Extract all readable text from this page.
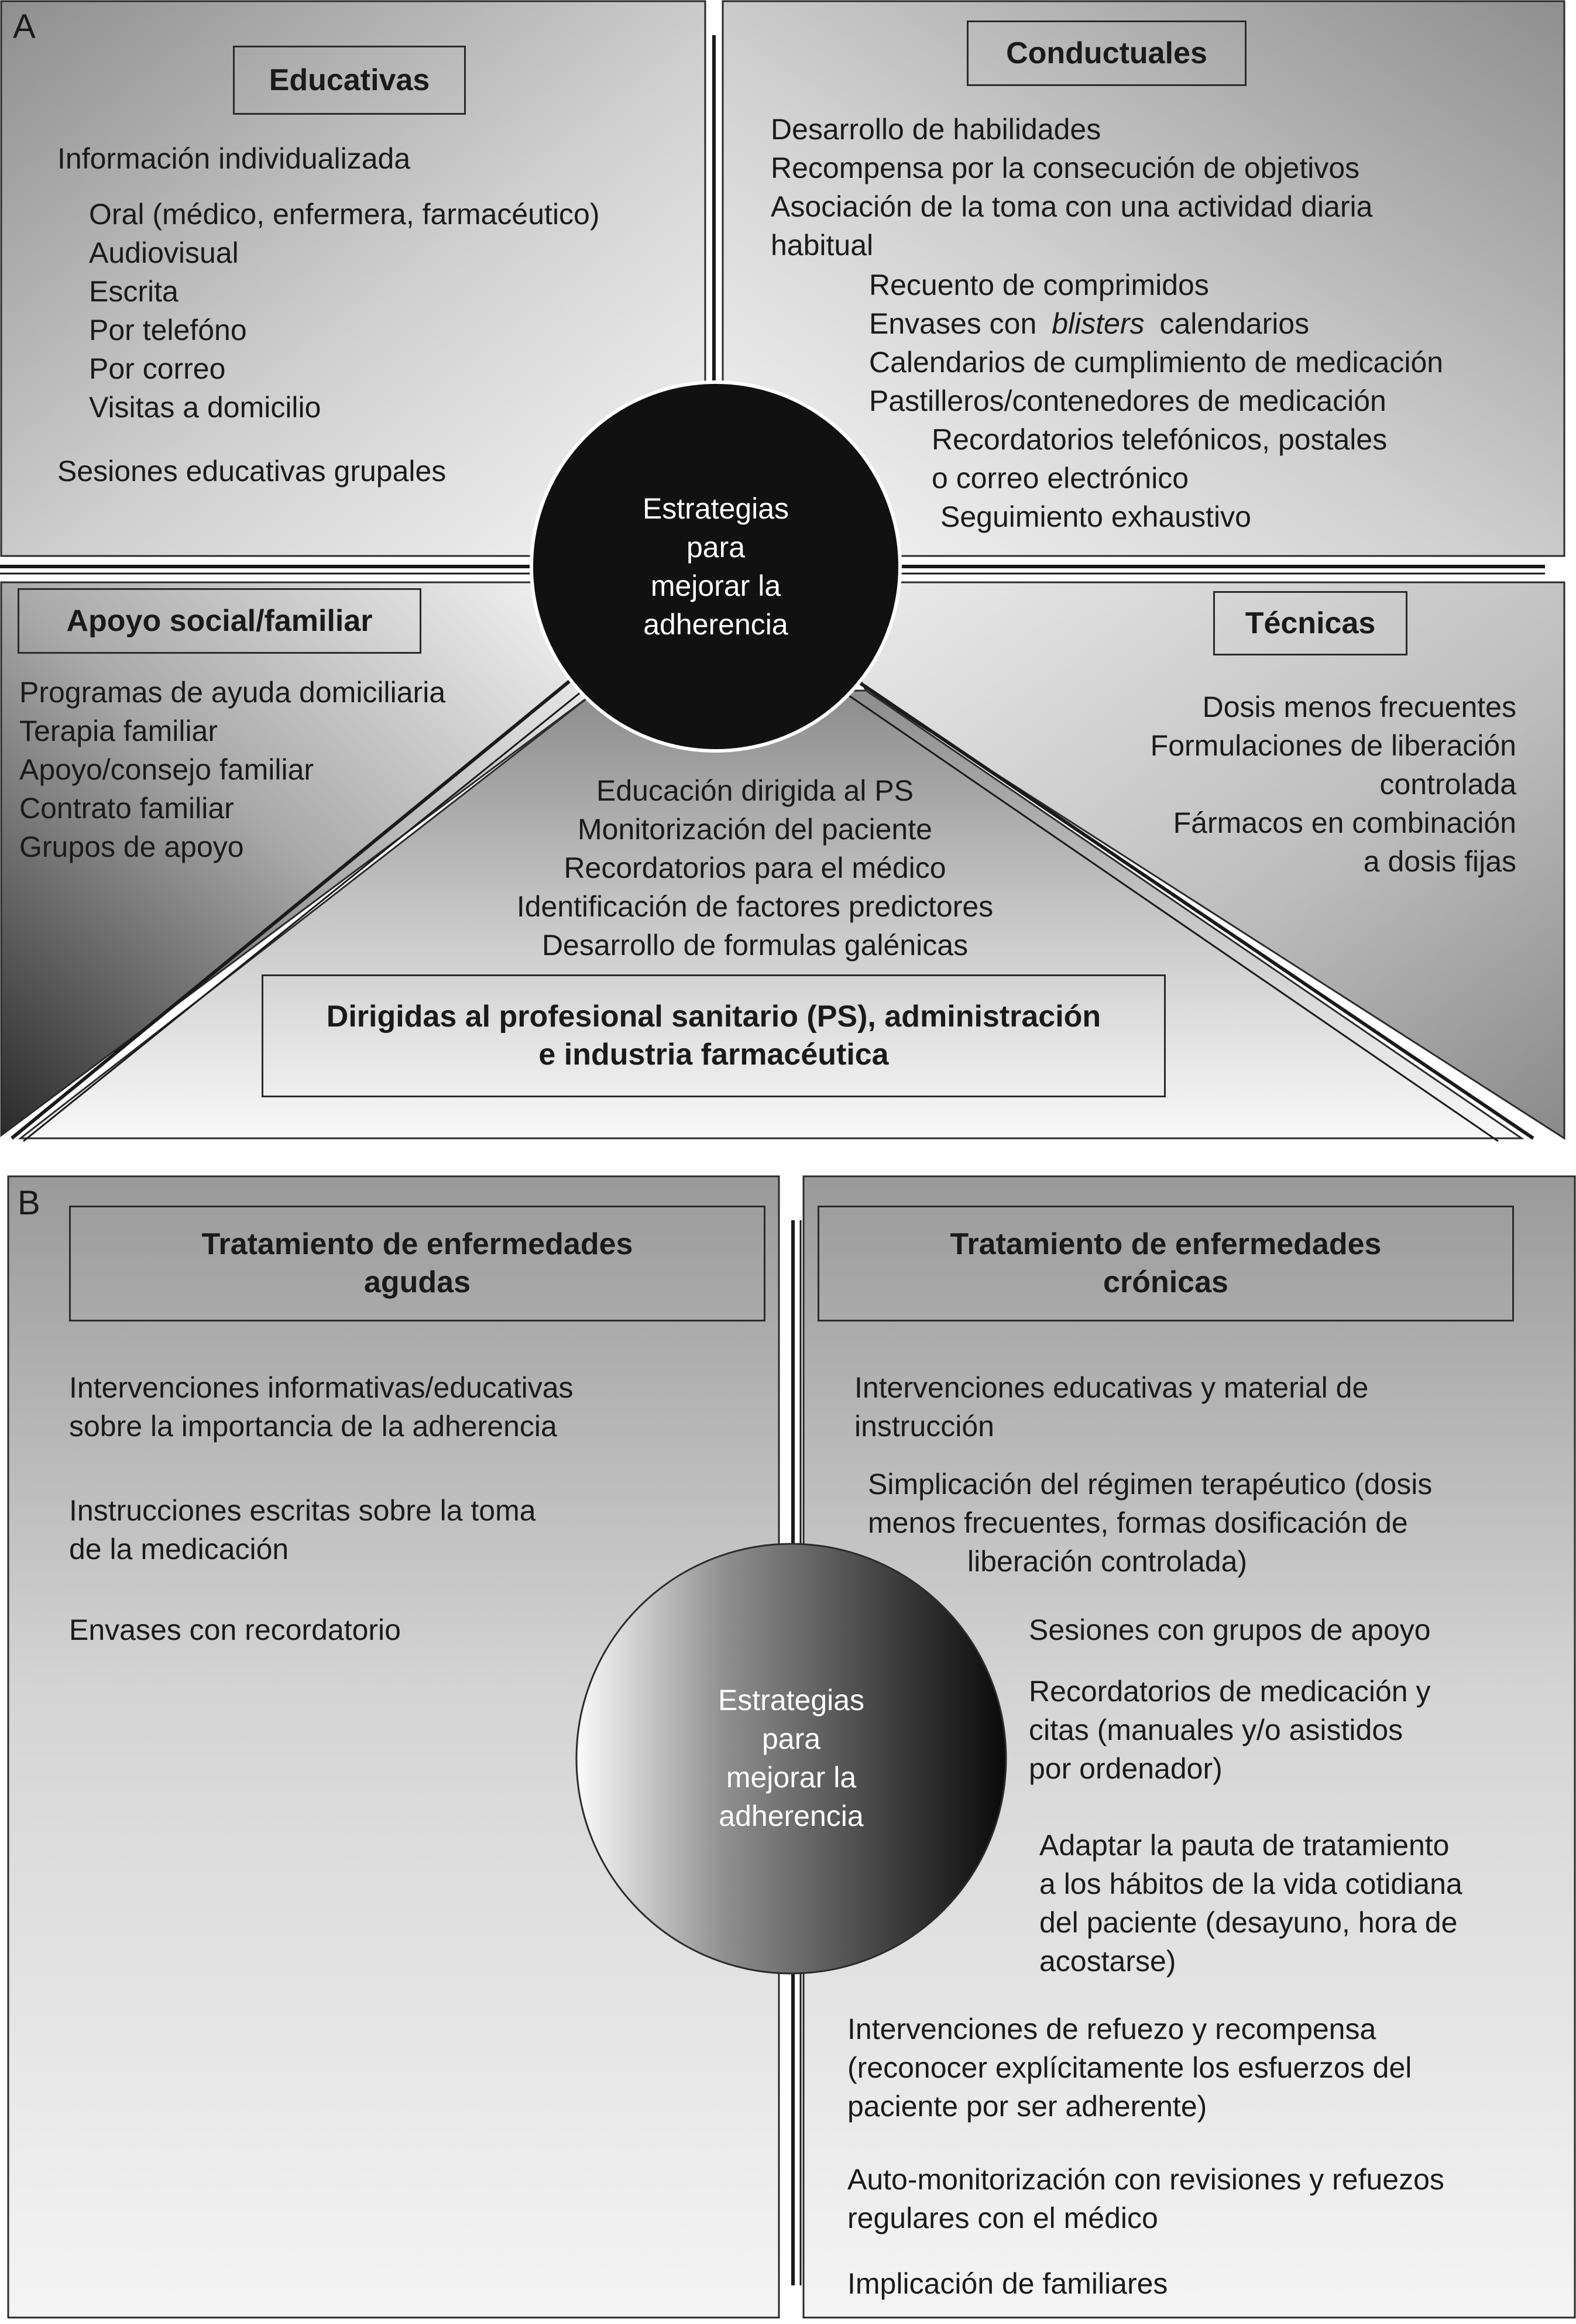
A
Estrategias
para
mejorar la
adherencia
Educativas
Información individualizada
Oral (médico, enfermera, farmacéutico)
Audiovisual
Escrita
Por telefóno
Por correo
Visitas a domicilio
Sesiones educativas grupales
Conductuales
Desarrollo de habilidades
Recompensa por la consecución de objetivos
Asociación de la toma con una actividad diaria
habitual
Recuento de comprimidos
Envases con blisters calendarios
Calendarios de cumplimiento de medicación
Pastilleros/contenedores de medicación
Recordatorios telefónicos, postales
o correo electrónico
Seguimiento exhaustivo
Apoyo social/familiar
Programas de ayuda domiciliaria
Terapia familiar
Apoyo/consejo familiar
Contrato familiar
Grupos de apoyo
Técnicas
Dosis menos frecuentes
Formulaciones de liberación
controlada
Fármacos en combinación
a dosis fijas
Educación dirigida al PS
Monitorización del paciente
Recordatorios para el médico
Identificación de factores predictores
Desarrollo de formulas galénicas
Dirigidas al profesional sanitario (PS), administración
e industria farmacéutica
B
Estrategias
para
mejorar la
adherencia
Tratamiento de enfermedades
agudas
Intervenciones informativas/educativas
sobre la importancia de la adherencia
Instrucciones escritas sobre la toma
de la medicación
Envases con recordatorio
Tratamiento de enfermedades
crónicas
Intervenciones educativas y material de
instrucción
Simplicación del régimen terapéutico (dosis
menos frecuentes, formas dosificación de
liberación controlada)
Sesiones con grupos de apoyo
Recordatorios de medicación y
citas (manuales y/o asistidos
por ordenador)
Adaptar la pauta de tratamiento
a los hábitos de la vida cotidiana
del paciente (desayuno, hora de
acostarse)
Intervenciones de refuezo y recompensa
(reconocer explícitamente los esfuerzos del
paciente por ser adherente)
Auto-monitorización con revisiones y refuezos
regulares con el médico
Implicación de familiares
